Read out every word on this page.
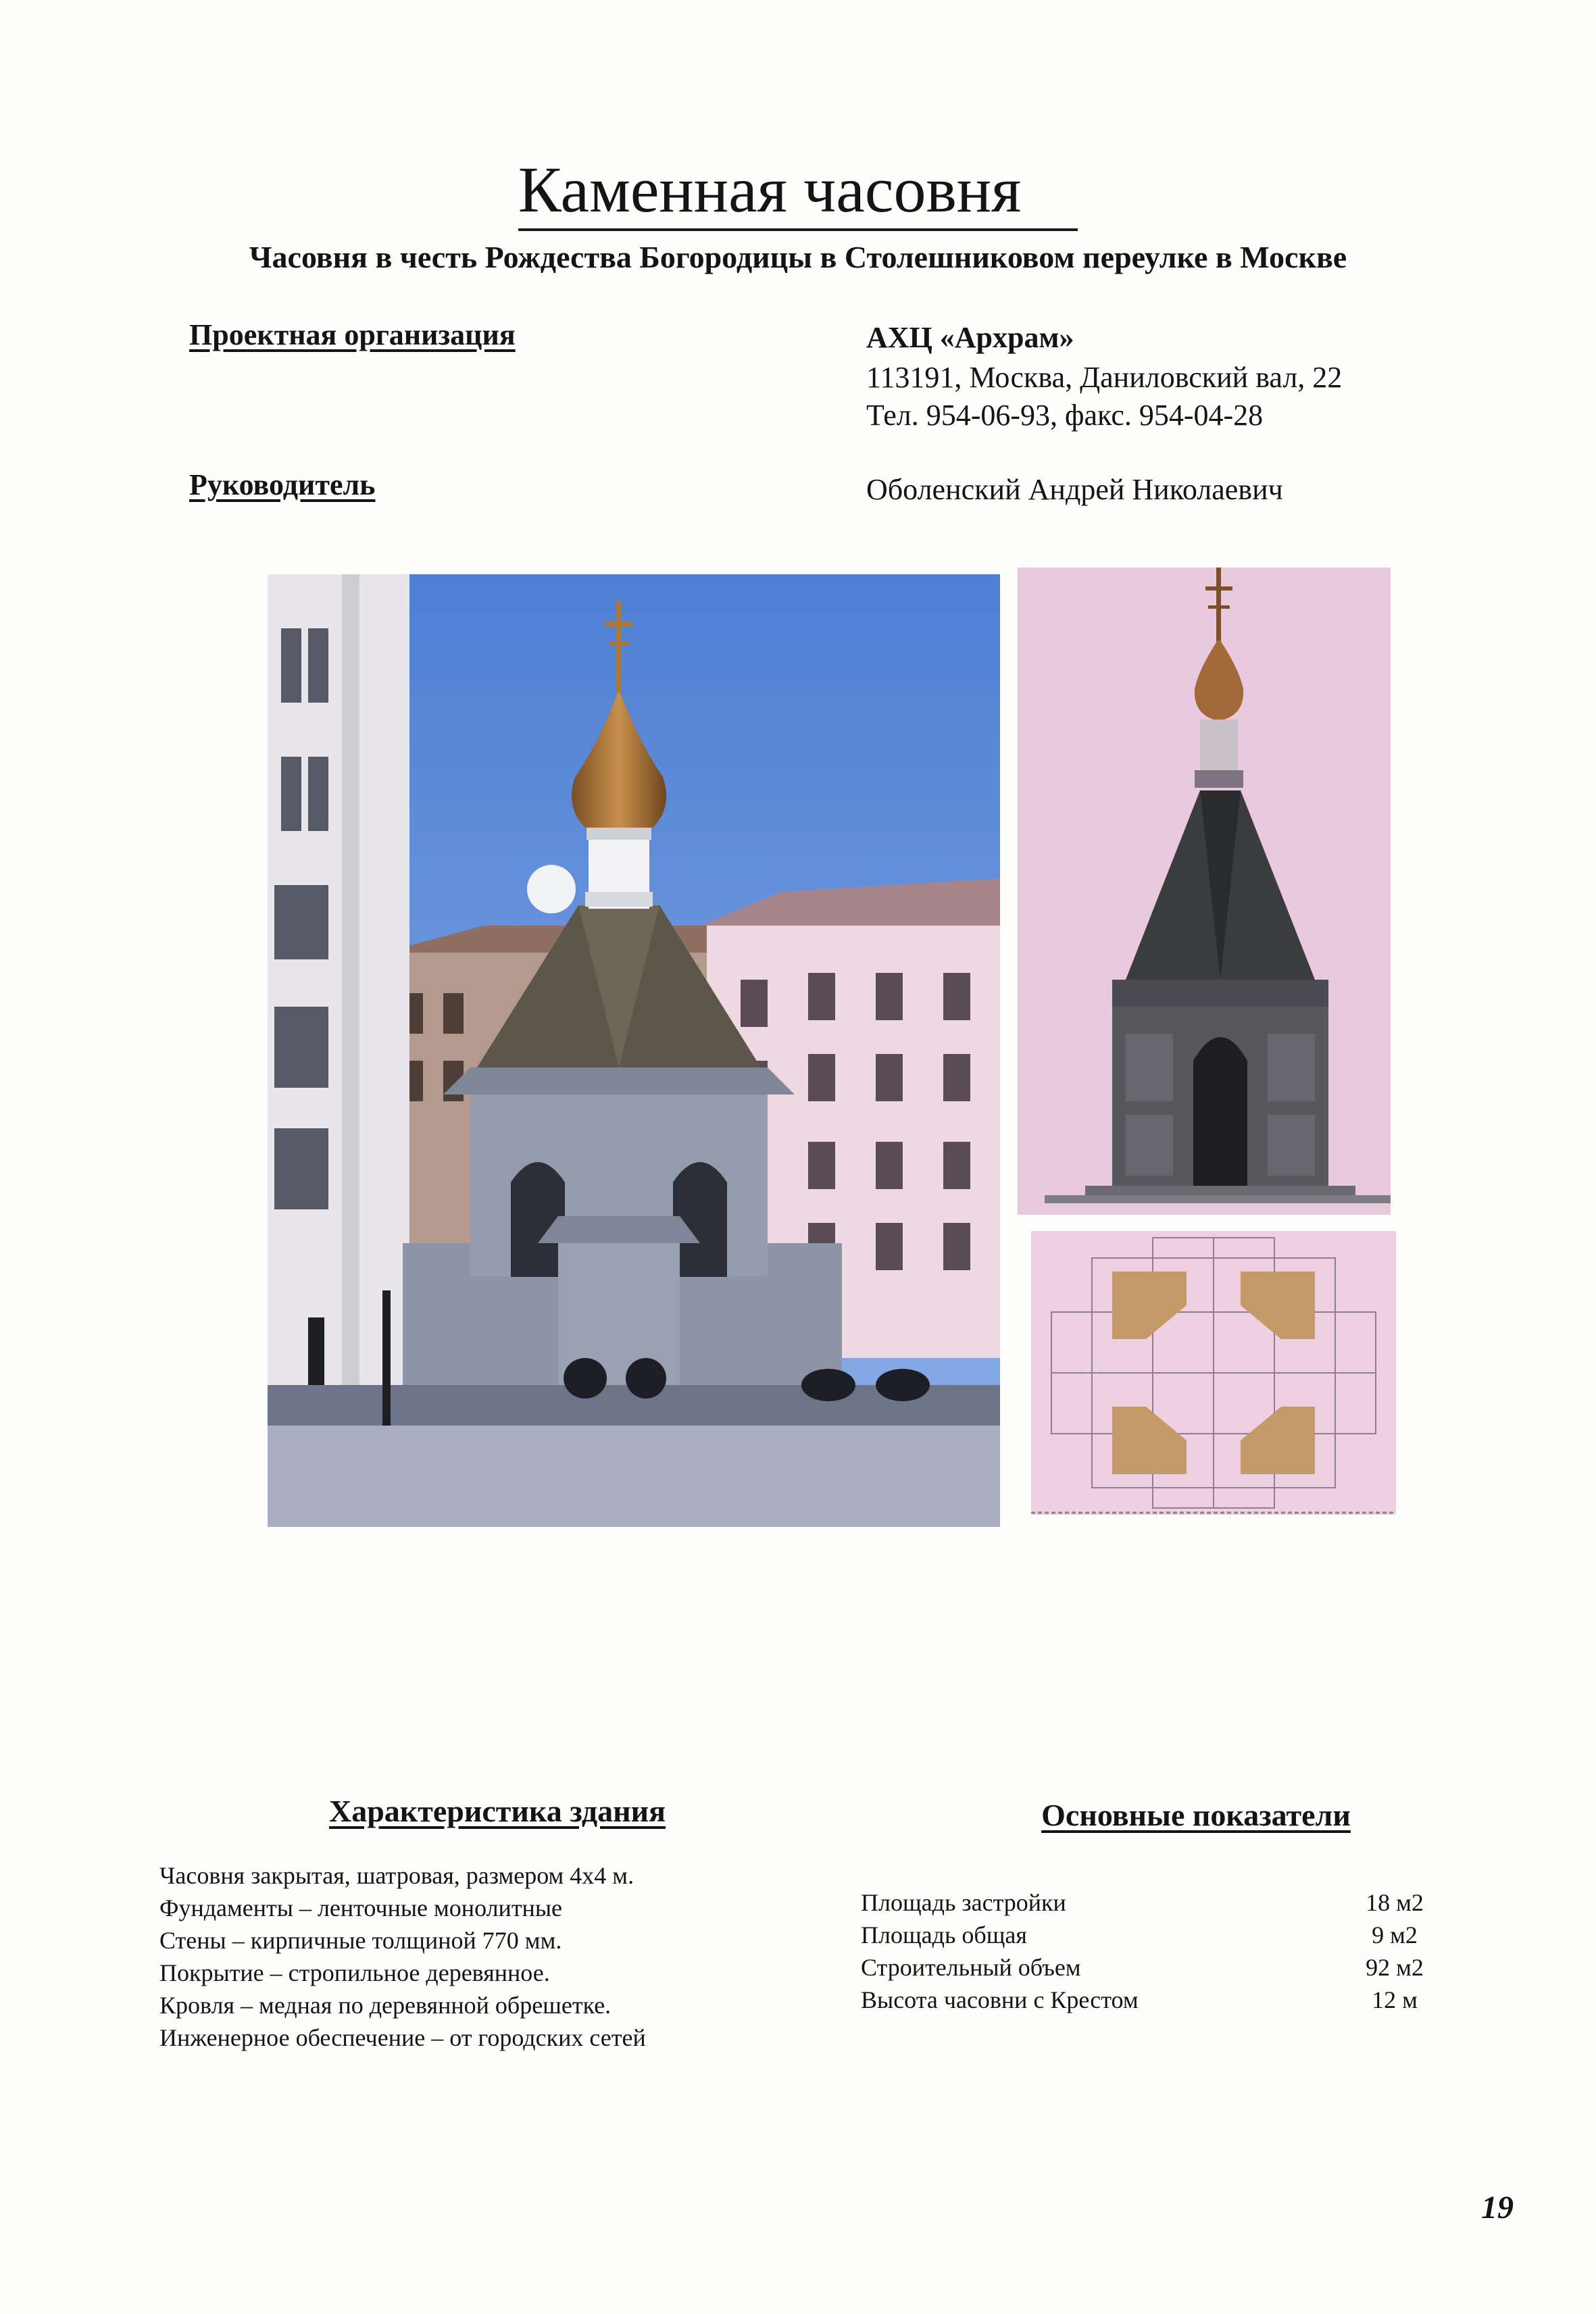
Каменная часовня
Часовня в честь Рождества Богородицы в Столешниковом переулке в Москве
Проектная организация	АХЦ «Архрам»
113191, Москва, Даниловский вал, 22
Тел. 954-06-93, факс. 954-04-28
Руководитель	Оболенский Андрей Николаевич
Характеристика здания
Часовня закрытая, шатровая, размером 4х4 м.
Фундаменты – ленточные монолитные
Стены – кирпичные толщиной 770 мм.
Покрытие – стропильное деревянное.
Кровля – медная по деревянной обрешетке.
Инженерное обеспечение – от городских сетей
Основные показатели
Площадь застройки	18 м2
Площадь общая	9 м2
Строительный объем	92 м2
Высота часовни с Крестом	12 м
19
